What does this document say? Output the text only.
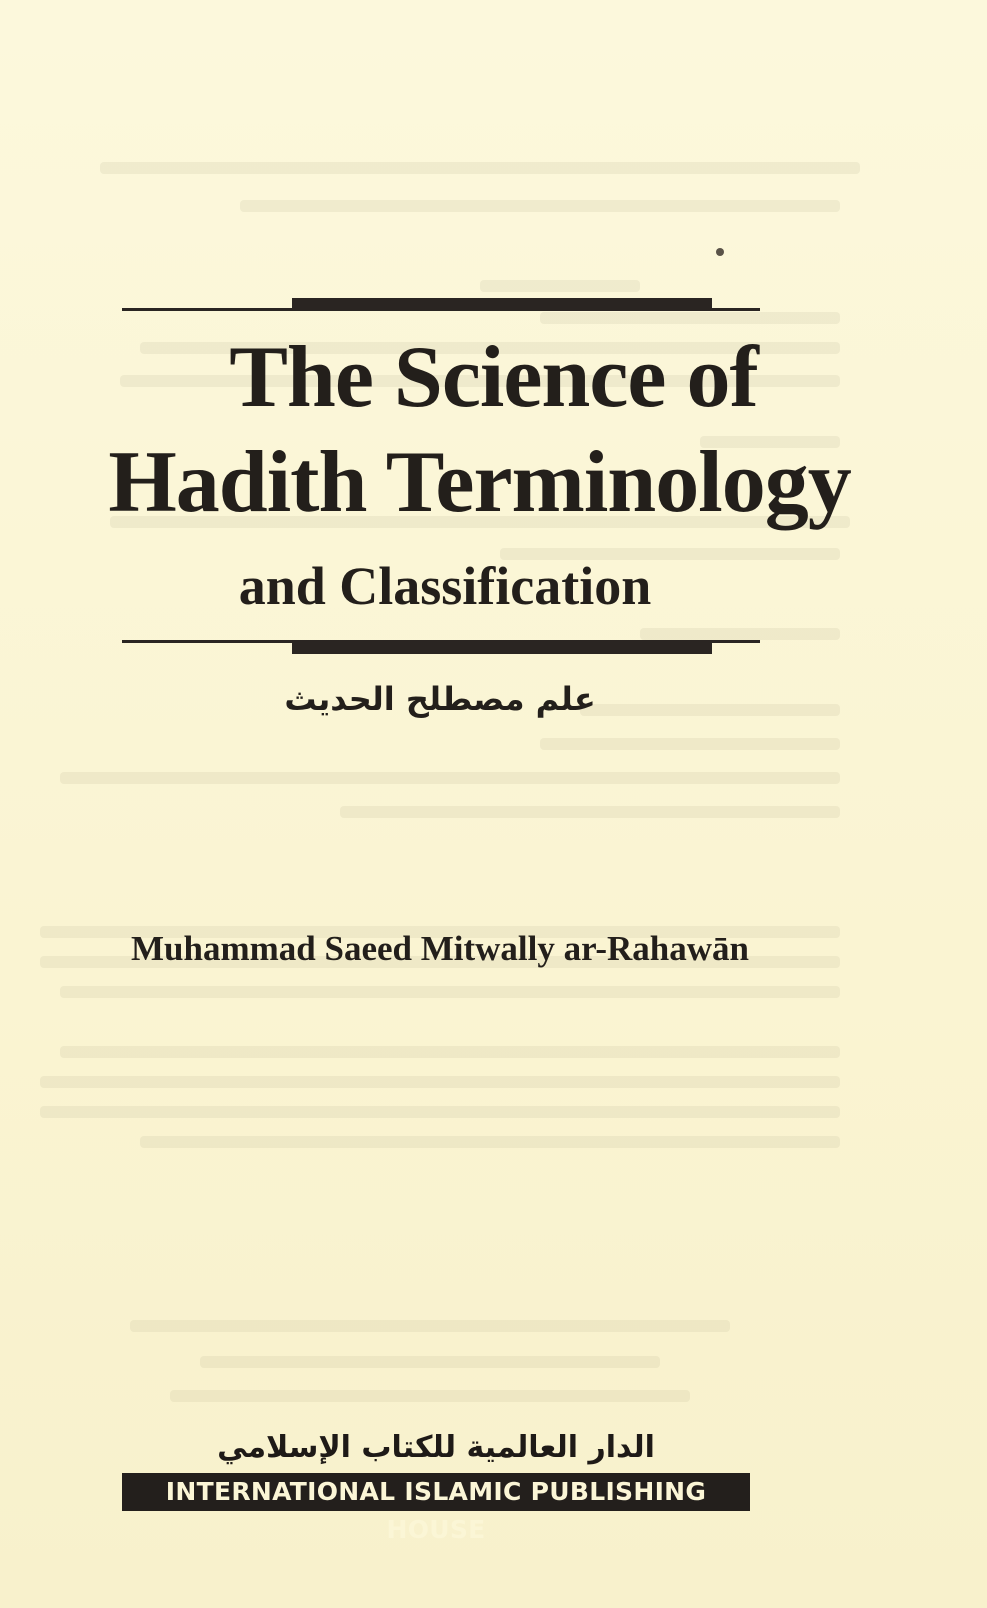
The Science of
Hadith Terminology
and Classification
علم مصطلح الحديث
Muhammad Saeed Mitwally ar-Rahawān
الدار العالمية للكتاب الإسلامي
INTERNATIONAL ISLAMIC PUBLISHING HOUSE
